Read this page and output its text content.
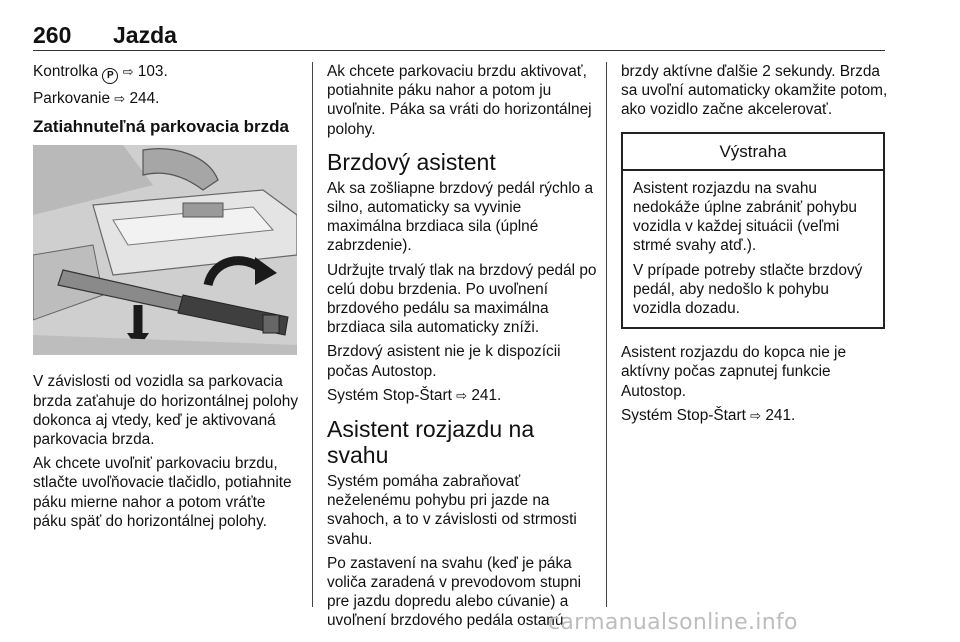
260 Jazda

Kontrolka P ⇨ 103.

Parkovanie ⇨ 244.

Zatiahnuteľná parkovacia brzda

V závislosti od vozidla sa parkovacia brzda zaťahuje do horizontálnej polohy dokonca aj vtedy, keď je aktivovaná parkovacia brzda.

Ak chcete uvoľniť parkovaciu brzdu, stlačte uvoľňovacie tlačidlo, potiahnite páku mierne nahor a potom vráťte páku späť do horizontálnej polohy.

Ak chcete parkovaciu brzdu aktivovať, potiahnite páku nahor a potom ju uvoľnite. Páka sa vráti do horizontálnej polohy.

Brzdový asistent

Ak sa zošliapne brzdový pedál rýchlo a silno, automaticky sa vyvinie maximálna brzdiaca sila (úplné zabrzdenie).

Udržujte trvalý tlak na brzdový pedál po celú dobu brzdenia. Po uvoľnení brzdového pedálu sa maximálna brzdiaca sila automaticky zníži.

Brzdový asistent nie je k dispozícii počas Autostop.

Systém Stop-Štart ⇨ 241.

Asistent rozjazdu na svahu

Systém pomáha zabraňovať neželenému pohybu pri jazde na svahoch, a to v závislosti od strmosti svahu.

Po zastavení na svahu (keď je páka voliča zaradená v prevodovom stupni pre jazdu dopredu alebo cúvanie) a uvoľnení brzdového pedála ostanú

brzdy aktívne ďalšie 2 sekundy. Brzda sa uvoľní automaticky okamžite potom, ako vozidlo začne akcelerovať.

Výstraha

Asistent rozjazdu na svahu nedokáže úplne zabrániť pohybu vozidla v každej situácii (veľmi strmé svahy atď.).

V prípade potreby stlačte brzdový pedál, aby nedošlo k pohybu vozidla dozadu.

Asistent rozjazdu do kopca nie je aktívny počas zapnutej funkcie Autostop.

Systém Stop-Štart ⇨ 241.

carmanualsonline.info
